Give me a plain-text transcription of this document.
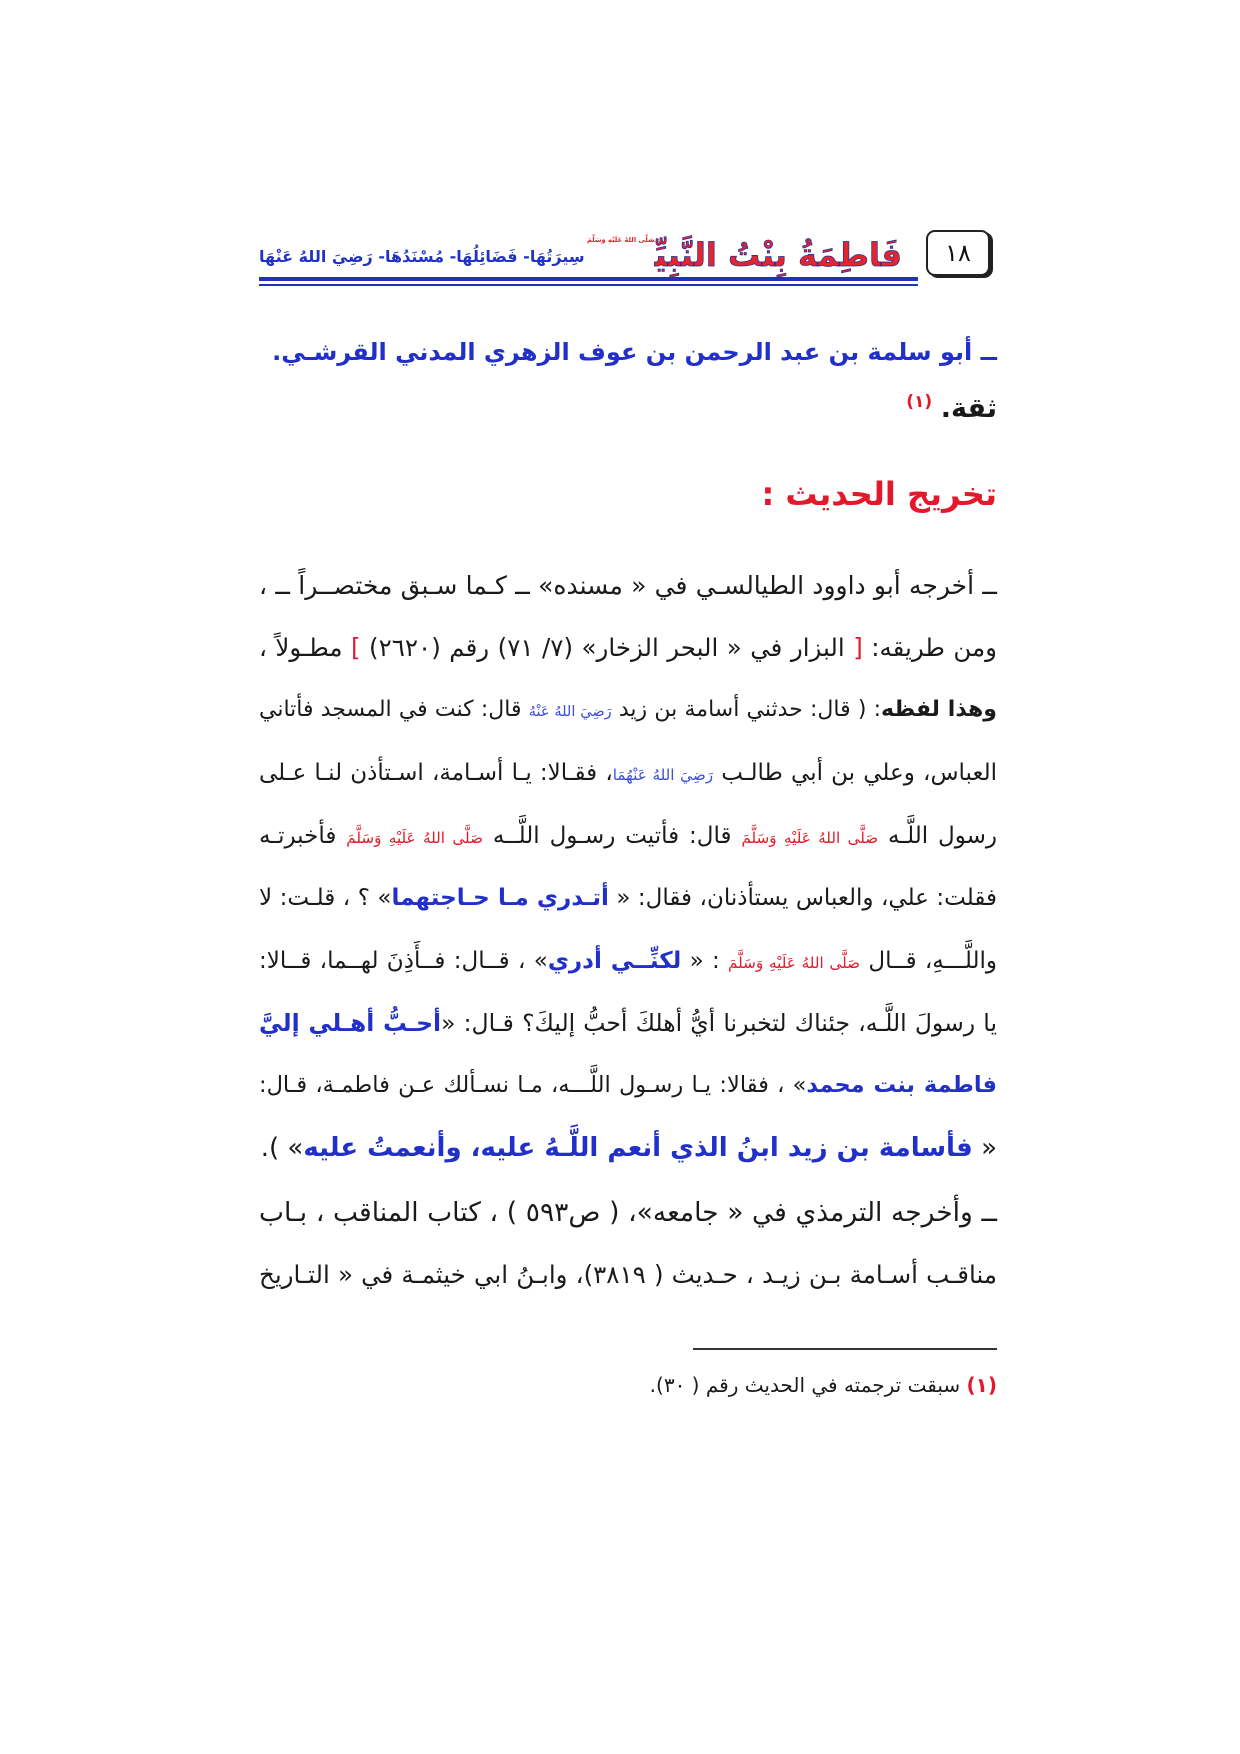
١٨
فَاطِمَةُ بِنْتُ النَّبِيِّ$^{صَلَّى اللهُ عَلَيْهِ وَسَلَّمَ}$
سِيرَتُهَا- فَضَائِلُهَا- مُسْنَدُهَا- رَضِيَ اللهُ عَنْهَا
ــ أبو سلمة بن عبد الرحمن بن عوف الزهري المدني القرشـي.
ثقة. $^{(١)}$
تخريج الحديث :
ــ أخرجه أبو داوود الطيالسـي في « مسنده» ــ كـما سـبق مختصــراً ــ ،
ومن طريقه: [ البزار في « البحر الزخار» (٧/ ٧١) رقم (٢٦٢٠) ] مطـولاً ،
وهذا لفظه: ( قال: حدثني أسامة بن زيد رَضِيَ اللهُ عَنْهُ قال: كنت في المسجد فأتاني
العباس، وعلي بن أبي طالـب رَضِيَ اللهُ عَنْهُمَا، فقـالا: يـا أسـامة، اسـتأذن لنـا عـلى
رسول اللَّـه صَلَّى اللهُ عَلَيْهِ وَسَلَّمَ قال: فأتيت رسـول اللَّــه صَلَّى اللهُ عَلَيْهِ وَسَلَّمَ فأخبرتـه
فقلت: علي، والعباس يستأذنان، فقال: « أتـدري مـا حـاجتهما» ؟ ، قلـت: لا
واللَّـــهِ، قــال صَلَّى اللهُ عَلَيْهِ وَسَلَّمَ : « لكنِّــي أدري» ، قــال: فــأَذِنَ لهــما، قــالا:
يا رسولَ اللَّـه، جئناك لتخبرنا أيُّ أهلكَ أحبُّ إليكَ؟ قـال: «أحـبُّ أهـلي إليَّ
فاطمة بنت محمد» ، فقالا: يـا رسـول اللَّـــه، مـا نسـألك عـن فاطمـة، قـال:
« فأسامة بن زيد ابنُ الذي أنعم اللَّـهُ عليه، وأنعمتُ عليه» ).
ــ وأخرجه الترمذي في « جامعه»، ( ص٥٩٣ ) ، كتاب المناقب ، بـاب
مناقـب أسـامة بـن زيـد ، حـديث ( ٣٨١٩)، وابـنُ ابي خيثمـة في « التـاريخ
(١) سبقت ترجمته في الحديث رقم ( ٣٠).
